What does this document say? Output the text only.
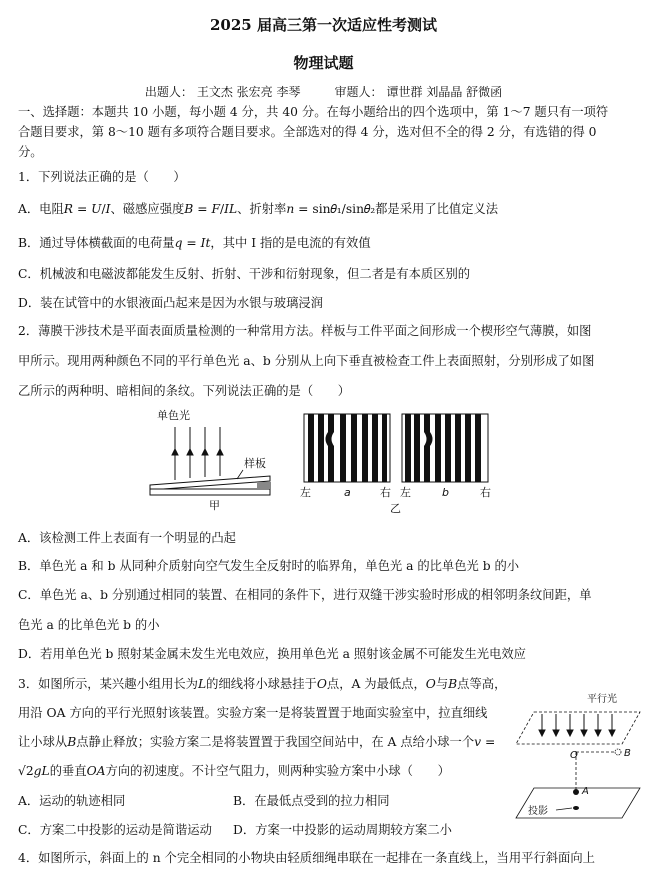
2025 届高三第一次适应性考测试
物理试题
出题人： 王文杰 张宏亮 李琴	审题人： 谭世群 刘晶晶 舒微函
一、选择题：本题共 10 小题，每小题 4 分，共 40 分。在每小题给出的四个选项中，第 1～7 题只有一项符
合题目要求，第 8～10 题有多项符合题目要求。全部选对的得 4 分，选对但不全的得 2 分，有选错的得 0
分。
1．下列说法正确的是（　　）
A．电阻𝑅 = 𝑈/𝐼、磁感应强度𝐵 = 𝐹/𝐼𝐿、折射率𝑛 = sin𝜃₁/sin𝜃₂都是采用了比值定义法
B．通过导体横截面的电荷量𝑞 = 𝐼𝑡，其中 I 指的是电流的有效值
C．机械波和电磁波都能发生反射、折射、干涉和衍射现象，但二者是有本质区别的
D．装在试管中的水银液面凸起来是因为水银与玻璃浸润
2．薄膜干涉技术是平面表面质量检测的一种常用方法。样板与工件平面之间形成一个楔形空气薄膜，如图
甲所示。现用两种颜色不同的平行单色光 a、b 分别从上向下垂直被检查工件上表面照射，分别形成了如图
乙所示的两种明、暗相间的条纹。下列说法正确的是（　　）
单色光
样板
甲
左	a	右 左	b	右
乙
A．该检测工件上表面有一个明显的凸起
B．单色光 a 和 b 从同种介质射向空气发生全反射时的临界角，单色光 a 的比单色光 b 的小
C．单色光 a、b 分别通过相同的装置、在相同的条件下，进行双缝干涉实验时形成的相邻明条纹间距，单
色光 a 的比单色光 b 的小
D．若用单色光 b 照射某金属未发生光电效应，换用单色光 a 照射该金属不可能发生光电效应
3．如图所示，某兴趣小组用长为𝐿的细线将小球悬挂于𝑂点，A 为最低点，𝑂与𝐵点等高，
用沿 OA 方向的平行光照射该装置。实验方案一是将装置置于地面实验室中，拉直细线
让小球从𝐵点静止释放；实验方案二是将装置置于我国空间站中，在 A 点给小球一个𝑣 =
√2𝑔𝐿的垂直𝑂𝐴方向的初速度。不计空气阻力，则两种实验方案中小球（　　）
A．运动的轨迹相同	B．在最低点受到的拉力相同
C．方案二中投影的运动是简谐运动 D．方案一中投影的运动周期较方案二小
平行光
O	B
A
投影
4．如图所示，斜面上的 n 个完全相同的小物块由轻质细绳串联在一起排在一条直线上，当用平行斜面向上
